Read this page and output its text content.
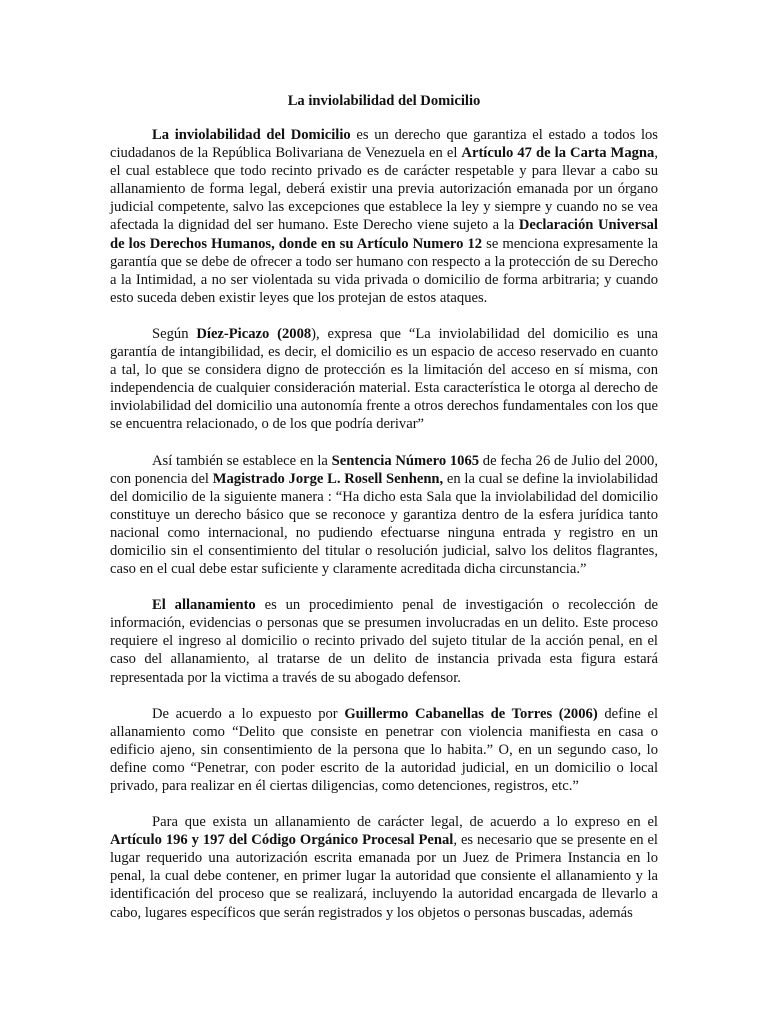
La inviolabilidad del Domicilio

La inviolabilidad del Domicilio es un derecho que garantiza el estado a todos los ciudadanos de la República Bolivariana de Venezuela en el Artículo 47 de la Carta Magna, el cual establece que todo recinto privado es de carácter respetable y para llevar a cabo su allanamiento de forma legal, deberá existir una previa autorización emanada por un órgano judicial competente, salvo las excepciones que establece la ley y siempre y cuando no se vea afectada la dignidad del ser humano. Este Derecho viene sujeto a la Declaración Universal de los Derechos Humanos, donde en su Artículo Numero 12 se menciona expresamente la garantía que se debe de ofrecer a todo ser humano con respecto a la protección de su Derecho a la Intimidad, a no ser violentada su vida privada o domicilio de forma arbitraria; y cuando esto suceda deben existir leyes que los protejan de estos ataques.

Según Díez-Picazo (2008), expresa que “La inviolabilidad del domicilio es una garantía de intangibilidad, es decir, el domicilio es un espacio de acceso reservado en cuanto a tal, lo que se considera digno de protección es la limitación del acceso en sí misma, con independencia de cualquier consideración material. Esta característica le otorga al derecho de inviolabilidad del domicilio una autonomía frente a otros derechos fundamentales con los que se encuentra relacionado, o de los que podría derivar”

Así también se establece en la Sentencia Número 1065 de fecha 26 de Julio del 2000, con ponencia del Magistrado Jorge L. Rosell Senhenn, en la cual se define la inviolabilidad del domicilio de la siguiente manera : “Ha dicho esta Sala que la inviolabilidad del domicilio constituye un derecho básico que se reconoce y garantiza dentro de la esfera jurídica tanto nacional como internacional, no pudiendo efectuarse ninguna entrada y registro en un domicilio sin el consentimiento del titular o resolución judicial, salvo los delitos flagrantes, caso en el cual debe estar suficiente y claramente acreditada dicha circunstancia.”

El allanamiento es un procedimiento penal de investigación o recolección de información, evidencias o personas que se presumen involucradas en un delito. Este proceso requiere el ingreso al domicilio o recinto privado del sujeto titular de la acción penal, en el caso del allanamiento, al tratarse de un delito de instancia privada esta figura estará representada por la victima a través de su abogado defensor.

De acuerdo a lo expuesto por Guillermo Cabanellas de Torres (2006) define el allanamiento como “Delito que consiste en penetrar con violencia manifiesta en casa o edificio ajeno, sin consentimiento de la persona que lo habita.” O, en un segundo caso, lo define como “Penetrar, con poder escrito de la autoridad judicial, en un domicilio o local privado, para realizar en él ciertas diligencias, como detenciones, registros, etc.”

Para que exista un allanamiento de carácter legal, de acuerdo a lo expreso en el Artículo 196 y 197 del Código Orgánico Procesal Penal, es necesario que se presente en el lugar requerido una autorización escrita emanada por un Juez de Primera Instancia en lo penal, la cual debe contener, en primer lugar la autoridad que consiente el allanamiento y la identificación del proceso que se realizará, incluyendo la autoridad encargada de llevarlo a cabo, lugares específicos que serán registrados y los objetos o personas buscadas, además
